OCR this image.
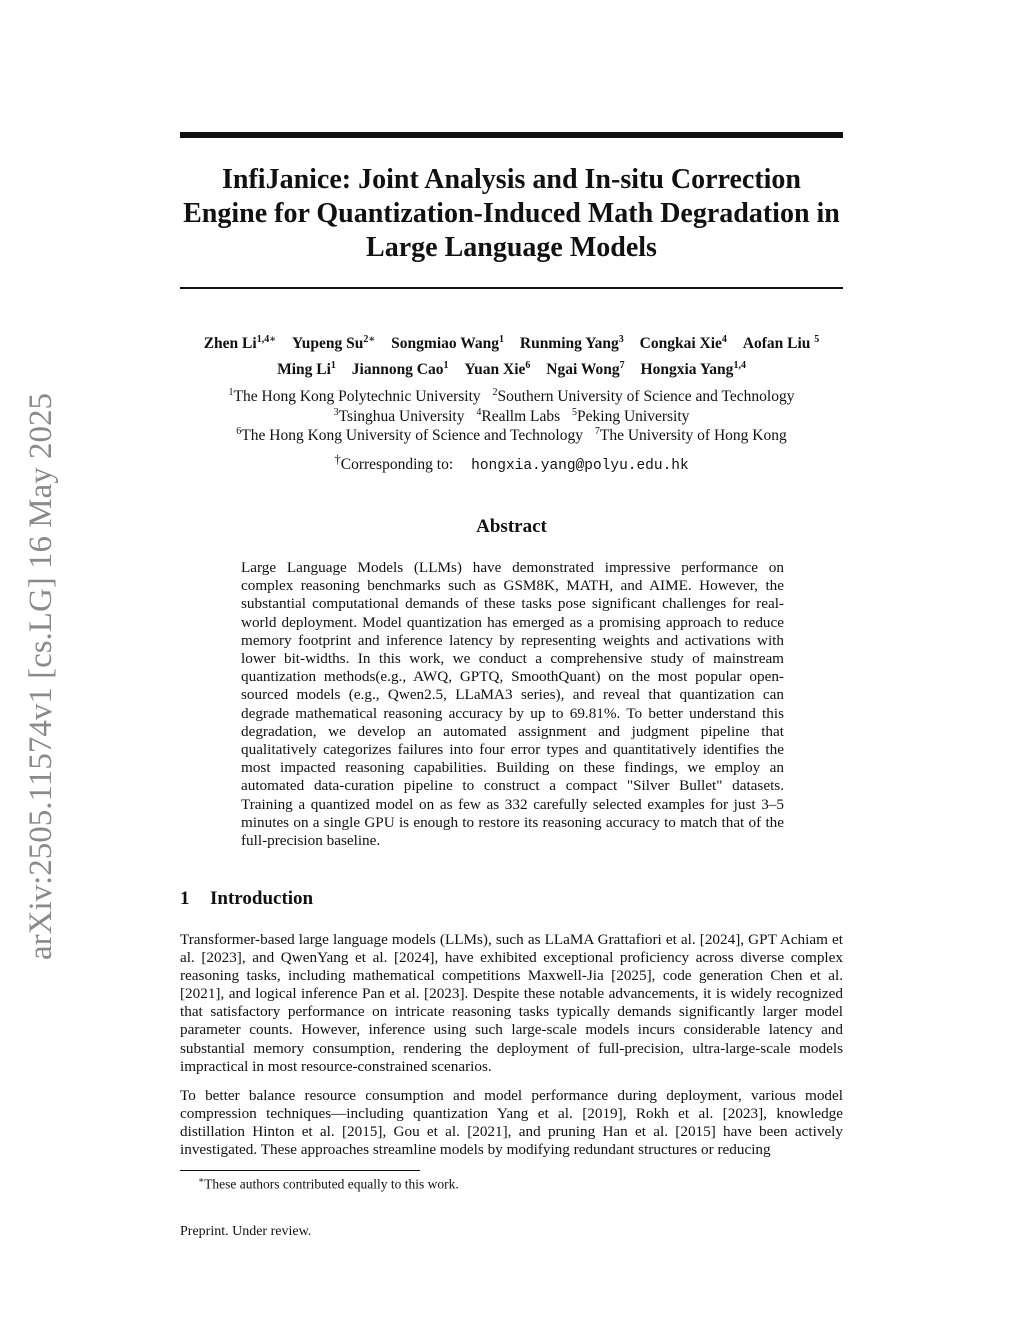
arXiv:2505.11574v1 [cs.LG] 16 May 2025
InfiJanice: Joint Analysis and In-situ Correction Engine for Quantization-Induced Math Degradation in Large Language Models
Zhen $Li^{1,4∗}$ Yupeng $Su^{2∗}$ Songmiao Wang$^1$ Runming Yang$^3$ Congkai Xie$^4$ Aofan Liu $^5$
Ming Li$^1$ Jiannong Cao$^1$ Yuan Xie$^6$ Ngai Wong$^7$ Hongxia Yang$^{1,4}$
$^1$The Hong Kong Polytechnic University $^2$Southern University of Science and Technology
$^3$Tsinghua University $^4$Reallm Labs $^5$Peking University
$^6$The Hong Kong University of Science and Technology $^7$The University of Hong Kong
†Corresponding to: hongxia.yang@polyu.edu.hk
Abstract
Large Language Models (LLMs) have demonstrated impressive performance on complex reasoning benchmarks such as GSM8K, MATH, and AIME. However, the substantial computational demands of these tasks pose significant challenges for real-world deployment. Model quantization has emerged as a promising approach to reduce memory footprint and inference latency by representing weights and activations with lower bit-widths. In this work, we conduct a comprehensive study of mainstream quantization methods(e.g., AWQ, GPTQ, SmoothQuant) on the most popular open-sourced models (e.g., Qwen2.5, LLaMA3 series), and reveal that quantization can degrade mathematical reasoning accuracy by up to 69.81%. To better understand this degradation, we develop an automated assignment and judgment pipeline that qualitatively categorizes failures into four error types and quantitatively identifies the most impacted reasoning capabilities. Building on these findings, we employ an automated data-curation pipeline to construct a compact "Silver Bullet" datasets. Training a quantized model on as few as 332 carefully selected examples for just 3–5 minutes on a single GPU is enough to restore its reasoning accuracy to match that of the full-precision baseline.
1 Introduction
Transformer-based large language models (LLMs), such as LLaMA Grattafiori et al. [2024], GPT Achiam et al. [2023], and QwenYang et al. [2024], have exhibited exceptional proficiency across diverse complex reasoning tasks, including mathematical competitions Maxwell-Jia [2025], code generation Chen et al. [2021], and logical inference Pan et al. [2023]. Despite these notable advancements, it is widely recognized that satisfactory performance on intricate reasoning tasks typically demands significantly larger model parameter counts. However, inference using such large-scale models incurs considerable latency and substantial memory consumption, rendering the deployment of full-precision, ultra-large-scale models impractical in most resource-constrained scenarios.
To better balance resource consumption and model performance during deployment, various model compression techniques—including quantization Yang et al. [2019], Rokh et al. [2023], knowledge distillation Hinton et al. [2015], Gou et al. [2021], and pruning Han et al. [2015] have been actively investigated. These approaches streamline models by modifying redundant structures or reducing
∗These authors contributed equally to this work.
Preprint. Under review.
